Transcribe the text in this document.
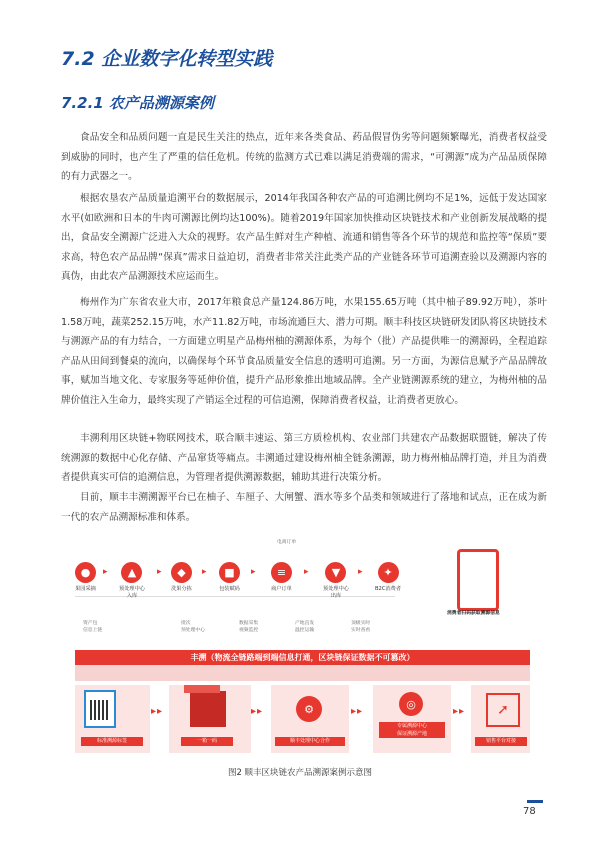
7.2 企业数字化转型实践
7.2.1 农产品溯源案例
食品安全和品质问题一直是民生关注的热点，近年来各类食品、药品假冒伪劣等问题频繁曝光，消费者权益受到威胁的同时，也产生了严重的信任危机。传统的监测方式已难以满足消费端的需求，“可溯源”成为产品品质保障的有力武器之一。
根据农垦农产品质量追溯平台的数据展示，2014年我国各种农产品的可追溯比例均不足1%，远低于发达国家水平(如欧洲和日本的牛肉可溯源比例均达100%)。随着2019年国家加快推动区块链技术和产业创新发展战略的提出，食品安全溯源广泛进入大众的视野。农产品生鲜对生产种植、流通和销售等各个环节的规范和监控等“保质”要求高，特色农产品品牌“保真”需求日益迫切，消费者非常关注此类产品的产业链各环节可追溯查验以及溯源内容的真伪，由此农产品溯源技术应运而生。
梅州作为广东省农业大市，2017年粮食总产量124.86万吨，水果155.65万吨（其中柚子89.92万吨），茶叶1.58万吨，蔬菜252.15万吨，水产11.82万吨，市场流通巨大、潜力可期。顺丰科技区块链研发团队将区块链技术与溯源产品的有力结合，一方面建立明星产品梅州柚的溯源体系，为每个（批）产品提供唯一的溯源码，全程追踪产品从田间到餐桌的流向，以确保每个环节食品质量安全信息的透明可追溯。另一方面，为源信息赋予产品品牌故事，赋加当地文化、专家服务等延伸价值，提升产品形象推出地域品牌。全产业链溯源系统的建立，为梅州柚的品牌价值注入生命力，最终实现了产销运全过程的可信追溯，保障消费者权益，让消费者更放心。
丰溯利用区块链+物联网技术，联合顺丰速运、第三方质检机构、农业部门共建农产品数据联盟链，解决了传统溯源的数据中心化存储、产品窜货等痛点。丰溯通过建设梅州柚全链条溯源，助力梅州柚品牌打造，并且为消费者提供真实可信的追溯信息，为管理者提供溯源数据，辅助其进行决策分析。
目前，顺丰丰溯溯源平台已在柚子、车厘子、大闸蟹、酒水等多个品类和领域进行了落地和试点，正在成为新一代的农产品溯源标准和体系。
电商订单
●
果园采摘
▸	▲
预处理中心
入库
▸	◆
洗果分拣
▸	■
包装赋码
▸	≡
商户订单
▸	▼
预处理中心
出库
▸	✦
B2C消费者
消费者扫码获取溯源信息
资产包
信息上链
批次
预处理中心
数据采集
视频监控
产地直发
温控运输
顶级实时
实时查看
丰溯（物流全链路端到端信息打通，区块链保证数据不可篡改）
标准溯源标签
▸▸
一箱一码
▸▸	⚙
顺丰处理中心合作
▸▸
◎
专属溯源中心
保证溯源产地
▸▸	➚
销售平台对接
图2 顺丰区块链农产品溯源案例示意图
78
